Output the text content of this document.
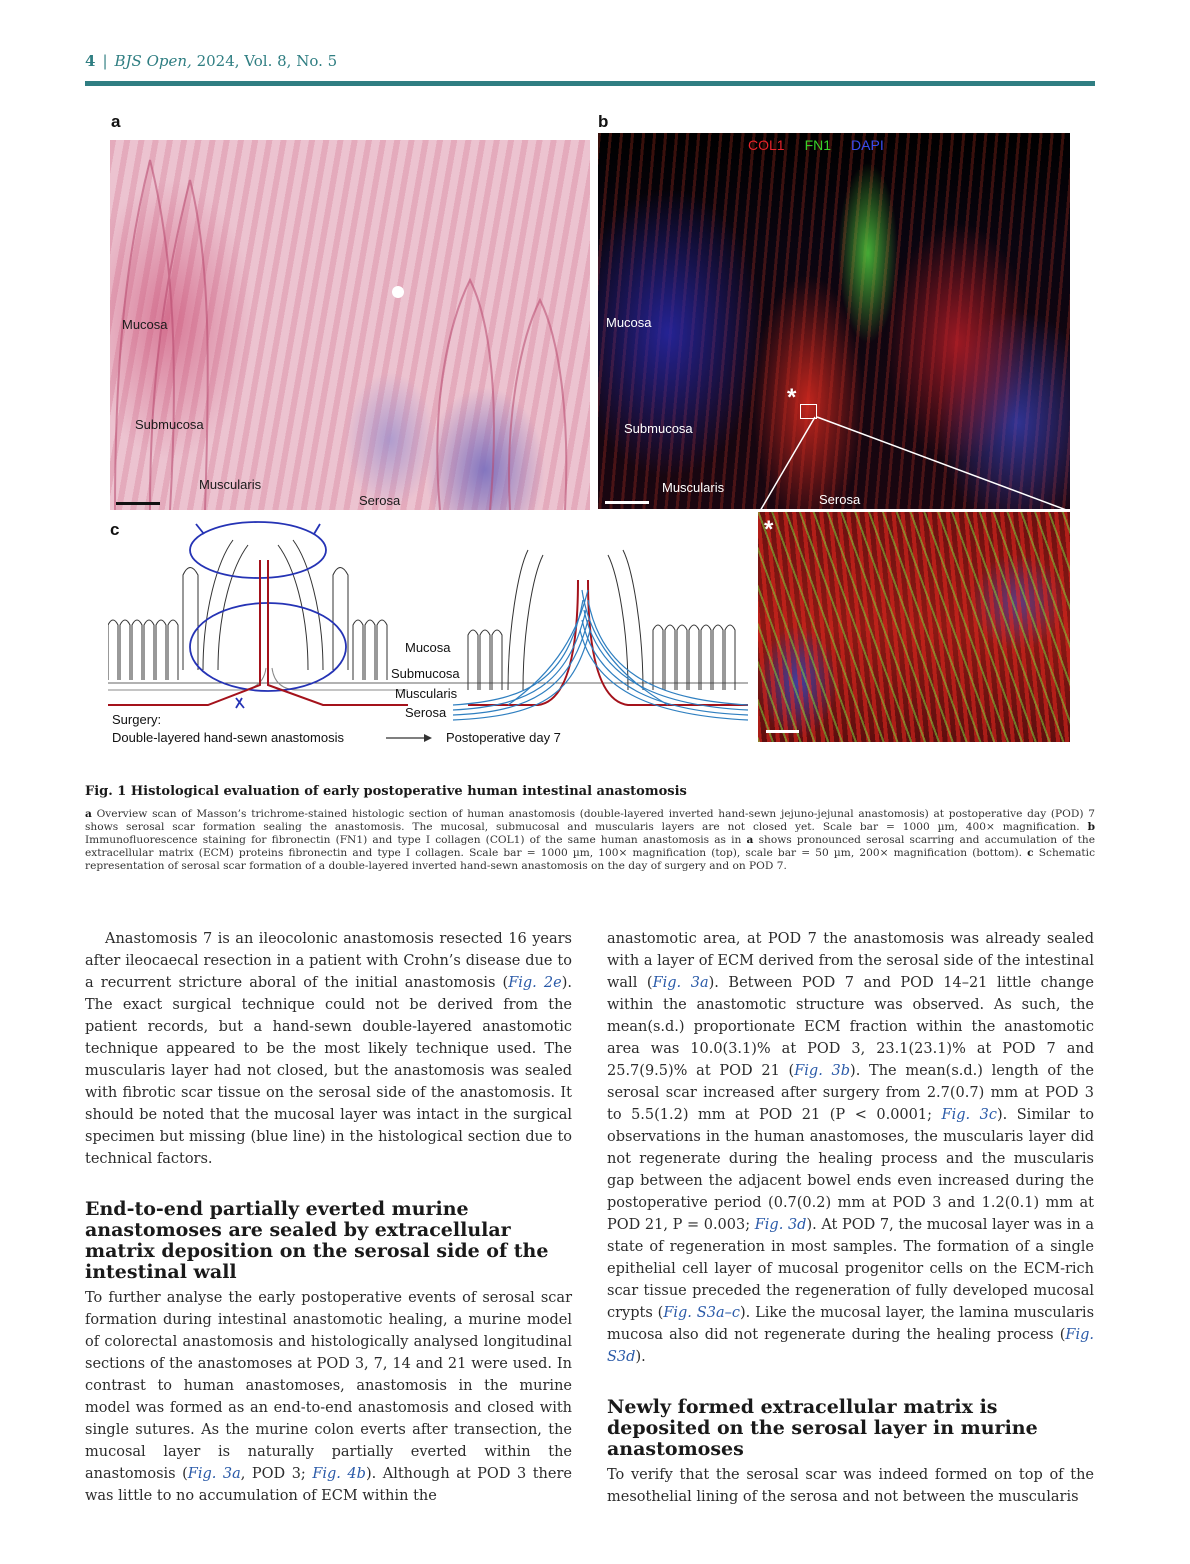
4 | BJS Open, 2024, Vol. 8, No. 5
a	b
c
Mucosa
Submucosa
Muscularis
Serosa
COL1 FN1 DAPI
Mucosa
Submucosa
Muscularis
Serosa
*
*
Mucosa
Submucosa
Muscularis
Serosa
Surgery:
Double-layered hand-sewn anastomosis	Postoperative day 7
Fig. 1 Histological evaluation of early postoperative human intestinal anastomosis
a Overview scan of Masson’s trichrome-stained histologic section of human anastomosis (double-layered inverted hand-sewn jejuno-jejunal anastomosis) at postoperative day (POD) 7 shows serosal scar formation sealing the anastomosis. The mucosal, submucosal and muscularis layers are not closed yet. Scale bar = 1000 µm, 400× magnification. b Immunofluorescence staining for fibronectin (FN1) and type I collagen (COL1) of the same human anastomosis as in a shows pronounced serosal scarring and accumulation of the extracellular matrix (ECM) proteins fibronectin and type I collagen. Scale bar = 1000 µm, 100× magnification (top), scale bar = 50 µm, 200× magnification (bottom). c Schematic representation of serosal scar formation of a double-layered inverted hand-sewn anastomosis on the day of surgery and on POD 7.

Anastomosis 7 is an ileocolonic anastomosis resected 16 years after ileocaecal resection in a patient with Crohn’s disease due to a recurrent stricture aboral of the initial anastomosis (Fig. 2e). The exact surgical technique could not be derived from the patient records, but a hand-sewn double-layered anastomotic technique appeared to be the most likely technique used. The muscularis layer had not closed, but the anastomosis was sealed with fibrotic scar tissue on the serosal side of the anastomosis. It should be noted that the mucosal layer was intact in the surgical specimen but missing (blue line) in the histological section due to technical factors.

End-to-end partially everted murine anastomoses are sealed by extracellular matrix deposition on the serosal side of the intestinal wall

To further analyse the early postoperative events of serosal scar formation during intestinal anastomotic healing, a murine model of colorectal anastomosis and histologically analysed longitudinal sections of the anastomoses at POD 3, 7, 14 and 21 were used. In contrast to human anastomoses, anastomosis in the murine model was formed as an end-to-end anastomosis and closed with single sutures. As the murine colon everts after transection, the mucosal layer is naturally partially everted within the anastomosis (Fig. 3a, POD 3; Fig. 4b). Although at POD 3 there was little to no accumulation of ECM within the

anastomotic area, at POD 7 the anastomosis was already sealed with a layer of ECM derived from the serosal side of the intestinal wall (Fig. 3a). Between POD 7 and POD 14–21 little change within the anastomotic structure was observed. As such, the mean(s.d.) proportionate ECM fraction within the anastomotic area was 10.0(3.1)% at POD 3, 23.1(23.1)% at POD 7 and 25.7(9.5)% at POD 21 (Fig. 3b). The mean(s.d.) length of the serosal scar increased after surgery from 2.7(0.7) mm at POD 3 to 5.5(1.2) mm at POD 21 (P < 0.0001; Fig. 3c). Similar to observations in the human anastomoses, the muscularis layer did not regenerate during the healing process and the muscularis gap between the adjacent bowel ends even increased during the postoperative period (0.7(0.2) mm at POD 3 and 1.2(0.1) mm at POD 21, P = 0.003; Fig. 3d). At POD 7, the mucosal layer was in a state of regeneration in most samples. The formation of a single epithelial cell layer of mucosal progenitor cells on the ECM-rich scar tissue preceded the regeneration of fully developed mucosal crypts (Fig. S3a–c). Like the mucosal layer, the lamina muscularis mucosa also did not regenerate during the healing process (Fig. S3d).

Newly formed extracellular matrix is deposited on the serosal layer in murine anastomoses

To verify that the serosal scar was indeed formed on top of the mesothelial lining of the serosa and not between the muscularis
